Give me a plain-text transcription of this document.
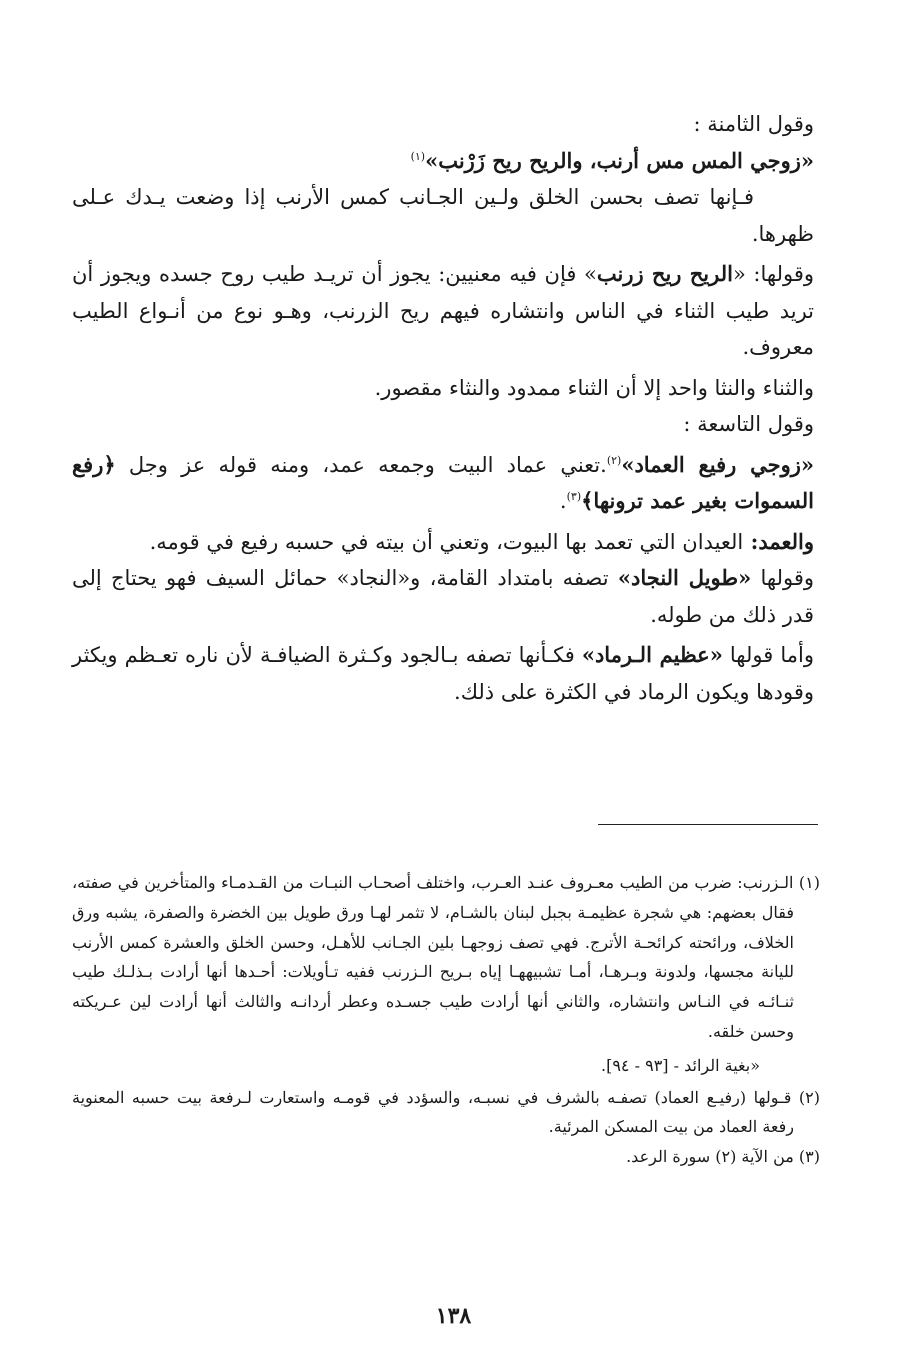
وقول الثامنة :

«زوجي المس مس أرنب، والريح ريح زَرْنب»$^{(١)}$

فـإنها تصف بحسن الخلق ولـين الجـانب كمس الأرنب إذا وضعت يـدك عـلى ظهرها.

وقولها: «الريح ريح زرنب» فإن فيه معنيين: يجوز أن تريـد طيب روح جسده ويجوز أن تريد طيب الثناء في الناس وانتشاره فيهم ريح الزرنب، وهـو نوع من أنـواع الطيب معروف.

والثناء والنثا واحد إلا أن الثناء ممدود والنثاء مقصور.

وقول التاسعة :

«زوجي رفيع العماد»$^{(٢)}$.تعني عماد البيت وجمعه عمد، ومنه قوله عز وجل ﴿رفع السموات بغير عمد ترونها﴾$^{(٣)}$.

والعمد: العيدان التي تعمد بها البيوت، وتعني أن بيته في حسبه رفيع في قومه.

وقولها «طويل النجاد» تصفه بامتداد القامة، و«النجاد» حمائل السيف فهو يحتاج إلى قدر ذلك من طوله.

وأما قولها «عظيم الـرماد» فكـأنها تصفه بـالجود وكـثرة الضيافـة لأن ناره تعـظم ويكثر وقودها ويكون الرماد في الكثرة على ذلك.

(١) الـزرنب: ضرب من الطيب معـروف عنـد العـرب، واختلف أصحـاب النبـات من القـدمـاء والمتأخرين في صفته، فقال بعضهم: هي شجرة عظيمـة بجبل لبنان بالشـام، لا تثمر لهـا ورق طويل بين الخضرة والصفرة، يشبه ورق الخلاف، ورائحته كرائحـة الأترج. فهي تصف زوجهـا بلين الجـانب للأهـل، وحسن الخلق والعشرة كمس الأرنب لليانة مجسها، ولدونة وبـرهـا، أمـا تشبيههـا إياه بـريح الـزرنب ففيه تـأويلات: أحـدها أنها أرادت بـذلـك طيب ثنـائـه في النـاس وانتشاره، والثاني أنها أرادت طيب جسـده وعطر أردانـه والثالث أنها أرادت لين عـريكته وحسن خلقه.

«بغية الرائد - [٩٣ - ٩٤].

(٢) قـولها (رفيـع العماد) تصفـه بالشرف في نسبـه، والسؤدد في قومـه واستعارت لـرفعة بيت حسبه المعنوية رفعة العماد من بيت المسكن المرئية.

(٣) من الآية (٢) سورة الرعد.

١٣٨
